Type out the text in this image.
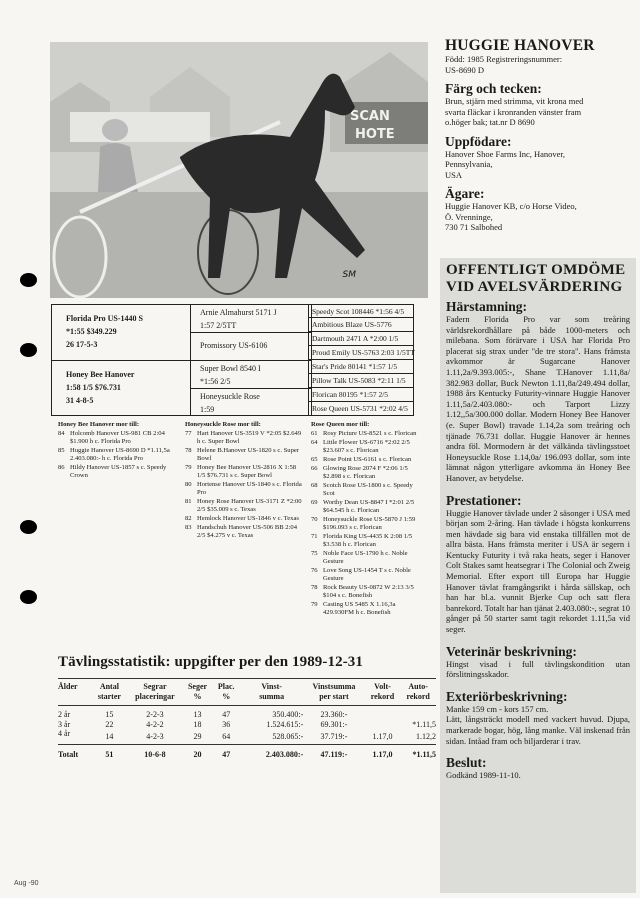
SCAN
HOTE
SM
Florida Pro US-1440 S
*1:55 $349.229
26 17-5-3
Honey Bee Hanover
1:58 1/5 $76.731
31 4-8-5
Arnie Almahurst 5171 J
1:57 2/5TT
Promissory US-6106
Super Bowl 8540 I
*1:56 2/5
Honeysuckle Rose
1:59
Speedy Scot 108446 *1:56 4/5
Ambitious Blaze US-5776
Dartmouth 2471 A *2:00 1/5
Proud Emily US-5763 2:03 1/5TT
Star's Pride 80141 *1:57 1/5
Pillow Talk US-5083 *2:11 1/5
Florican 80195 *1:57 2/5
Rose Queen US-5731 *2:02 4/5
Honey Bee Hanover mor till:
84 Holcomb Hanover US-981 CB 2:04 $1.900 h c. Florida Pro
85 Huggie Hanover US-8690 D *1.11,5a 2.403.080:- h c. Florida Pro
86 Hildy Hanover US-1857 s c. Speedy Crown
Honeysuckle Rose mor till:
77 Hart Hanover US-3519 V *2:05 $2.649 h c. Super Bowl
78 Helene B.Hanover US-1820 s c. Super Bowl
79 Honey Bee Hanover US-2816 X 1:58 1/5 $76.731 s c. Super Bowl
80 Hortense Hanover US-1840 s c. Florida Pro
81 Honey Rose Hanover US-3171 Z *2:00 2/5 $35.009 s c. Texas
82 Hemlock Hanover US-1846 v c. Texas
83 Handschuh Hanover US-506 BB 2:04 2/5 $4.275 v c. Texas
Rose Queen mor till:
61 Rosy Picture US-8521 s c. Florican
64 Little Flower US-6716 *2:02 2/5 $23.607 s c. Florican
65 Rose Point US-6161 s c. Florican
66 Glowing Rose 2074 F *2:06 1/5 $2.898 s c. Florican
68 Scotch Rose US-1800 s c. Speedy Scot
69 Worthy Dean US-8847 I *2:01 2/5 $64.545 h c. Florican
70 Honeysuckle Rose US-5870 J 1:59 $196.093 s c. Florican
71 Florida King US-4435 K 2:08 1/5 $3.538 h c. Florican
75 Noble Face US-1790 h c. Noble Gesture
76 Love Song US-1454 T s c. Noble Gesture
78 Rock Beauty US-0872 W 2:13 3/5 $104 s c. Bonefish
79 Casting US 5485 X 1.16,3a 429.930FM h c. Bonefish
Tävlingsstatistik: uppgifter per den 1989-12-31
Ålder	Antal
starter

Segrar
placeringar

Seger
%

Plac.
%

Vinst-
summa

Vinstsumma
per start

Volt-
rekord

Auto-
rekord

2 år	15	2-2-3	13	47	350.400:-	23.360:-		
3 år	22	4-2-2	18	36	1.524.615:-	69.301:-		*1.11,5
4 år	14	4-2-3	29	64	528.065:-	37.719:-	1.17,0	1.12,2
Totalt	51	10-6-8	20	47	2.403.080:-	47.119:-	1.17,0	*1.11,5
Aug -90
HUGGIE HANOVER

Född: 1985 Registreringsnummer:

US-8690 D

Färg och tecken:

Brun, stjärn med strimma, vit krona med

svarta fläckar i kronranden vänster fram

o.höger bak; tat.nr D 8690

Uppfödare:

Hanover Shoe Farms Inc, Hanover,

Pennsylvania,

USA

Ägare:

Huggie Hanover KB, c/o Horse Video,

Ö. Vrenninge,

730 71 Salbohed

OFFENTLIGT OMDÖME
VID AVELSVÄRDERING
Härstamning:

Fadern Florida Pro var som treåring världsrekordhållare på både 1000-meters och milebana. Som förärvare i USA har Florida Pro placerat sig strax under "de tre stora". Hans främsta avkommor är Sugarcane Hanover 1.11,2a/9.393.005:-, Shane T.Hanover 1.11,8a/ 382.983 dollar, Buck Newton 1.11,8a/249.494 dollar, 1988 års Kentucky Futurity-vinnare Huggie Hanover 1.11,5a/2.403.080:- och Tarport Lizzy 1.12,,5a/300.000 dollar. Modern Honey Bee Hanover (e. Super Bowl) travade 1.14,2a som treåring och tjänade 76.731 dollar. Huggie Hanover är hennes andra föl. Mormodern är det välkända tävlingsstoet Honeysuckle Rose 1.14,0a/ 196.093 dollar, som inte lämnat någon ytterligare avkomma än Honey Bee Hanover, av betydelse.

Prestationer:

Huggie Hanover tävlade under 2 säsonger i USA med början som 2-åring. Han tävlade i högsta konkurrens men hävdade sig bara vid enstaka tillfällen mot de allra bästa. Hans främsta meriter i USA är segern i Kentucky Futurity i två raka heats, seger i Hanover Colt Stakes samt heatsegrar i The Colonial och Zweig Memorial. Efter export till Europa har Huggie Hanover tävlat framgångsrikt i hårda sällskap, och han har bl.a. vunnit Bjerke Cup och satt flera banrekord. Totalt har han tjänat 2.403.080:-, segrat 10 gånger på 50 starter samt tagit rekordet 1.11,5a vid seger.

Veterinär beskrivning:

Hingst visad i full tävlingskondition utan förslitningsskador.

Exteriörbeskrivning:

Manke 159 cm - kors 157 cm.

Lätt, långsträckt modell med vackert huvud. Djupa, markerade bogar, hög, lång manke. Väl inskenad från sidan. Intåad fram och biljarderar i trav.

Beslut:

Godkänd 1989-11-10.
